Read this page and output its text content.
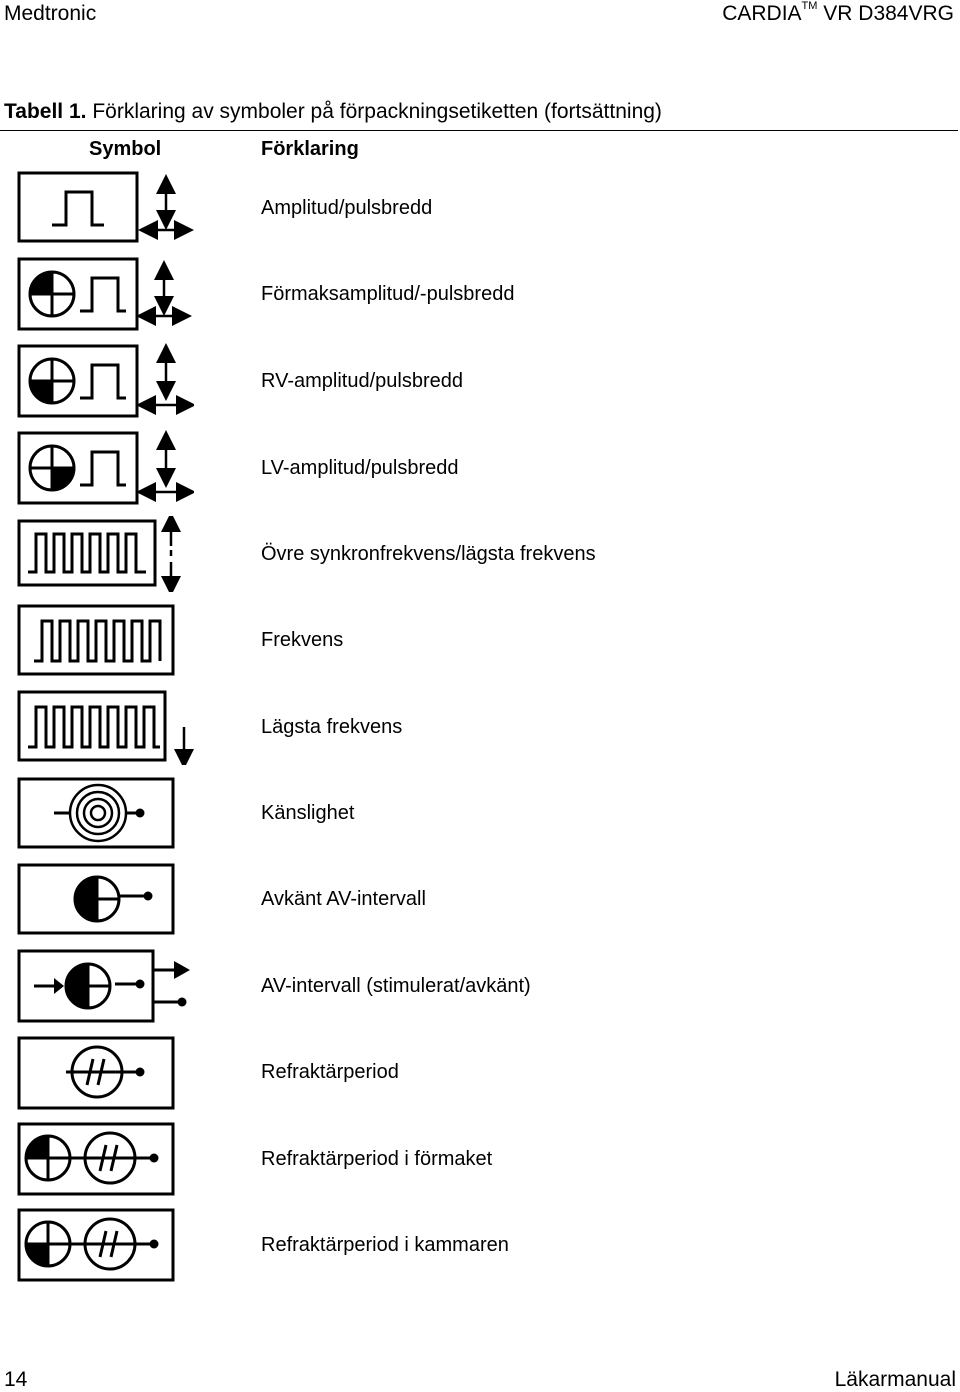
Medtronic	CARDIA™ VR D384VRG
Tabell 1. Förklaring av symboler på förpackningsetiketten (fortsättning)
Symbol	Förklaring
Amplitud/pulsbredd
Förmaksamplitud/-pulsbredd
RV-amplitud/pulsbredd
LV-amplitud/pulsbredd
Övre synkronfrekvens/lägsta frekvens
Frekvens
Lägsta frekvens
Känslighet
Avkänt AV-intervall
AV-intervall (stimulerat/avkänt)
Refraktärperiod
Refraktärperiod i förmaket
Refraktärperiod i kammaren
14	Läkarmanual
